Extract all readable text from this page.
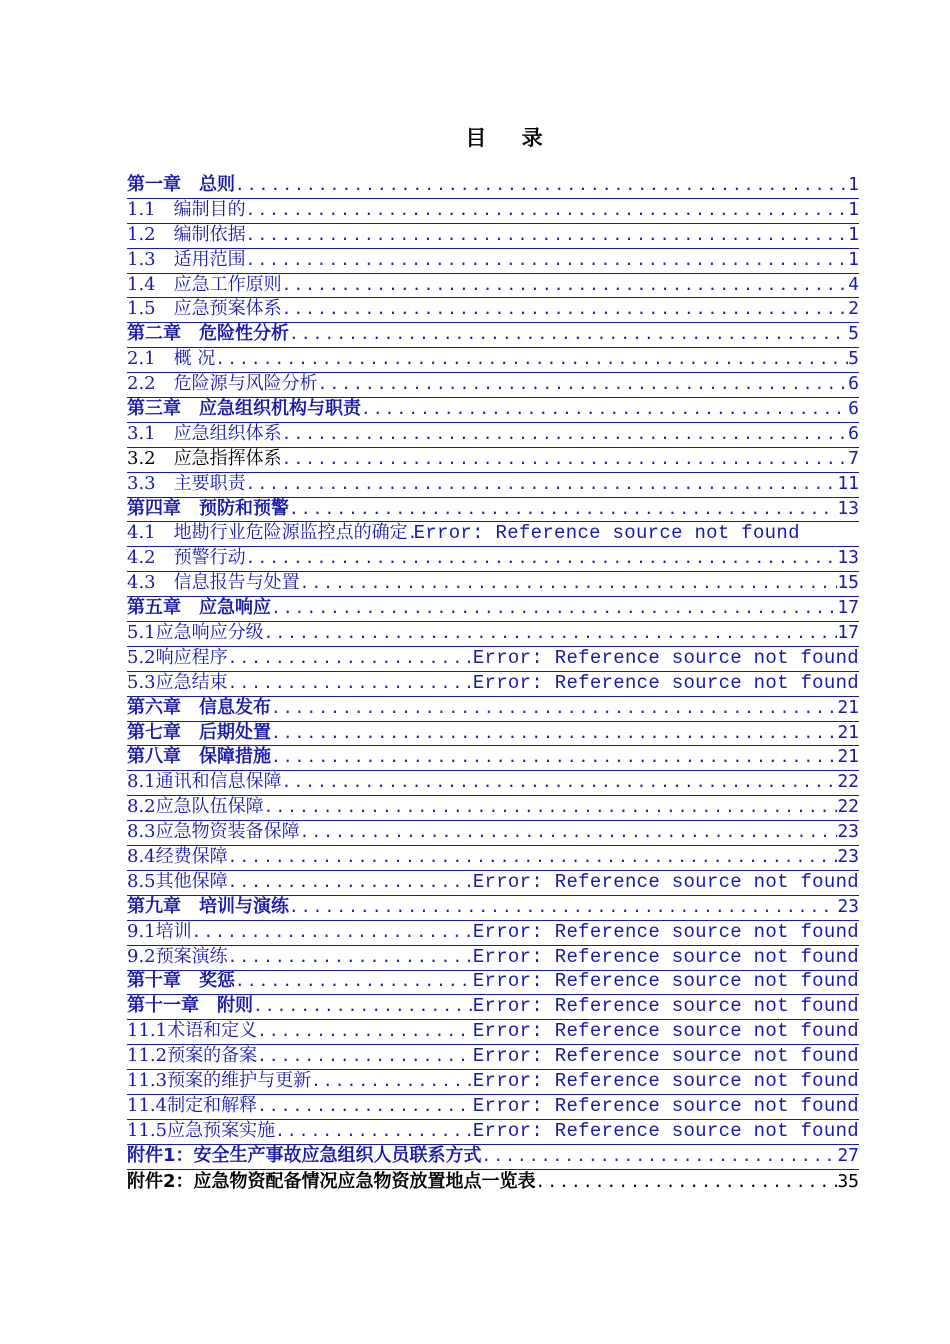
目 录
第一章　总则 .....	1
1.1　编制目的 .....	1
1.2　编制依据 .....	1
1.3　适用范围 .....	1
1.4　应急工作原则 .....	4
1.5　应急预案体系 .....	2
第二章　危险性分析 .....	5
2.1　概 况 .....	5
2.2　危险源与风险分析 .....	6
第三章　应急组织机构与职责 .....	6
3.1　应急组织体系 .....	6
3.2　应急指挥体系 .....	7
3.3　主要职责 .....	11
第四章　预防和预警 .....	13
4.1　地勘行业危险源监控点的确定 ..... Error: Reference source not found
4.2　预警行动 .....	13
4.3　信息报告与处置 .....	15
第五章　应急响应 .....	17
5.1应急响应分级 .....	17
5.2响应程序 .....	Error: Reference source not found
5.3应急结束 .....	Error: Reference source not found
第六章　信息发布 .....	21
第七章　后期处置 .....	21
第八章　保障措施 .....	21
8.1通讯和信息保障 .....	22
8.2应急队伍保障 .....	22
8.3应急物资装备保障 .....	23
8.4经费保障 .....	23
8.5其他保障 .....	Error: Reference source not found
第九章　培训与演练 .....	23
9.1培训 .....	Error: Reference source not found
9.2预案演练 .....	Error: Reference source not found
第十章　奖惩 .....	Error: Reference source not found
第十一章　附则 .....	Error: Reference source not found
11.1术语和定义 .....	Error: Reference source not found
11.2预案的备案 .....	Error: Reference source not found
11.3预案的维护与更新 .....	Error: Reference source not found
11.4制定和解释 .....	Error: Reference source not found
11.5应急预案实施 .....	Error: Reference source not found
附件1：安全生产事故应急组织人员联系方式 .....	27
附件2：应急物资配备情况应急物资放置地点一览表 .....	35
